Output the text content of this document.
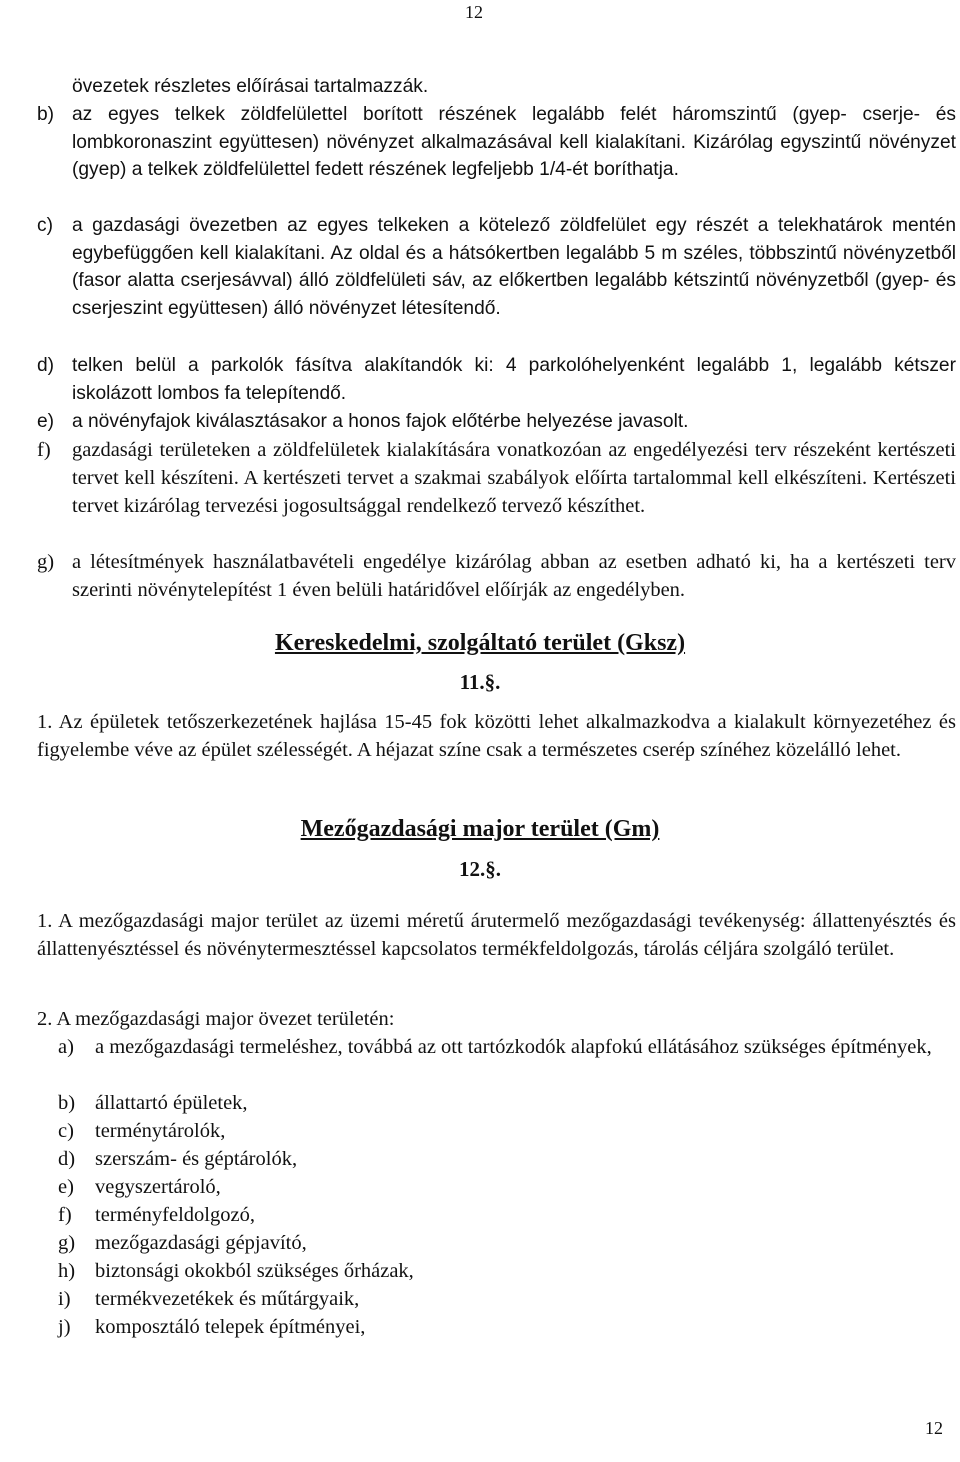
12
övezetek részletes előírásai tartalmazzák.
b) az egyes telkek zöldfelülettel borított részének legalább felét háromszintű (gyep- cserje- és lombkoronaszint együttesen) növényzet alkalmazásával kell kialakítani. Kizárólag egyszintű növényzet (gyep) a telkek zöldfelülettel fedett részének legfeljebb 1/4-ét boríthatja.
c) a gazdasági övezetben az egyes telkeken a kötelező zöldfelület egy részét a telekhatárok mentén egybefüggően kell kialakítani. Az oldal és a hátsókertben legalább 5 m széles, többszintű növényzetből (fasor alatta cserjesávval) álló zöldfelületi sáv, az előkertben legalább kétszintű növényzetből (gyep- és cserjeszint együttesen) álló növényzet létesítendő.
d) telken belül a parkolók fásítva alakítandók ki: 4 parkolóhelyenként legalább 1, legalább kétszer iskolázott lombos fa telepítendő.
e) a növényfajok kiválasztásakor a honos fajok előtérbe helyezése javasolt.
f) gazdasági területeken a zöldfelületek kialakítására vonatkozóan az engedélyezési terv részeként kertészeti tervet kell készíteni. A kertészeti tervet a szakmai szabályok előírta tartalommal kell elkészíteni. Kertészeti tervet kizárólag tervezési jogosultsággal rendelkező tervező készíthet.
g) a létesítmények használatbavételi engedélye kizárólag abban az esetben adható ki, ha a kertészeti terv szerinti növénytelepítést 1 éven belüli határidővel előírják az engedélyben.
Kereskedelmi, szolgáltató terület (Gksz)
11.§.
1. Az épületek tetőszerkezetének hajlása 15-45 fok közötti lehet alkalmazkodva a kialakult környezetéhez és figyelembe véve az épület szélességét. A héjazat színe csak a természetes cserép színéhez közelálló lehet.
Mezőgazdasági major terület (Gm)
12.§.
1. A mezőgazdasági major terület az üzemi méretű árutermelő mezőgazdasági tevékenység: állattenyésztés és állattenyésztéssel és növénytermesztéssel kapcsolatos termékfeldolgozás, tárolás céljára szolgáló terület.
2. A mezőgazdasági major övezet területén:
a) a mezőgazdasági termeléshez, továbbá az ott tartózkodók alapfokú ellátásához szükséges építmények,
b) állattartó épületek,
c) terménytárolók,
d) szerszám- és géptárolók,
e) vegyszertároló,
f) terményfeldolgozó,
g) mezőgazdasági gépjavító,
h) biztonsági okokból szükséges őrházak,
i) termékvezetékek és műtárgyaik,
j) komposztáló telepek építményei,
12
